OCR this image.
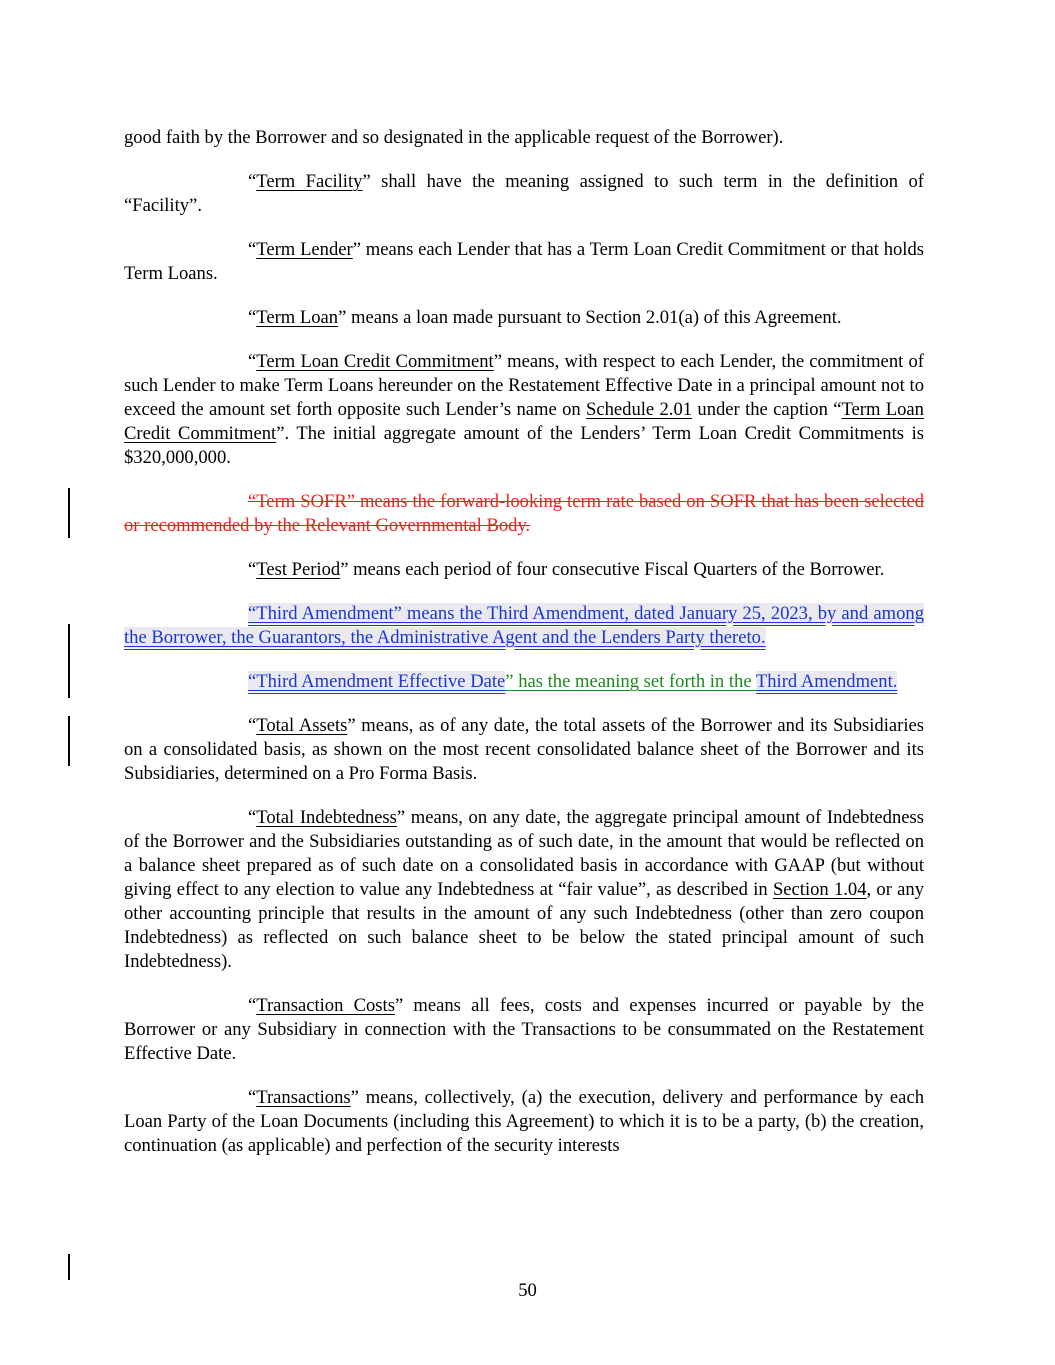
good faith by the Borrower and so designated in the applicable request of the Borrower).

“Term Facility” shall have the meaning assigned to such term in the definition of “Facility”.

“Term Lender” means each Lender that has a Term Loan Credit Commitment or that holds Term Loans.

“Term Loan” means a loan made pursuant to Section 2.01(a) of this Agreement.

“Term Loan Credit Commitment” means, with respect to each Lender, the commitment of such Lender to make Term Loans hereunder on the Restatement Effective Date in a principal amount not to exceed the amount set forth opposite such Lender’s name on Schedule 2.01 under the caption “Term Loan Credit Commitment”. The initial aggregate amount of the Lenders’ Term Loan Credit Commitments is $320,000,000.

“Term SOFR” means the forward-looking term rate based on SOFR that has been selected or recommended by the Relevant Governmental Body.

“Test Period” means each period of four consecutive Fiscal Quarters of the Borrower.

“Third Amendment” means the Third Amendment, dated January 25, 2023, by and among the Borrower, the Guarantors, the Administrative Agent and the Lenders Party thereto.

“Third Amendment Effective Date” has the meaning set forth in the Third Amendment.

“Total Assets” means, as of any date, the total assets of the Borrower and its Subsidiaries on a consolidated basis, as shown on the most recent consolidated balance sheet of the Borrower and its Subsidiaries, determined on a Pro Forma Basis.

“Total Indebtedness” means, on any date, the aggregate principal amount of Indebtedness of the Borrower and the Subsidiaries outstanding as of such date, in the amount that would be reflected on a balance sheet prepared as of such date on a consolidated basis in accordance with GAAP (but without giving effect to any election to value any Indebtedness at “fair value”, as described in Section 1.04, or any other accounting principle that results in the amount of any such Indebtedness (other than zero coupon Indebtedness) as reflected on such balance sheet to be below the stated principal amount of such Indebtedness).

“Transaction Costs” means all fees, costs and expenses incurred or payable by the Borrower or any Subsidiary in connection with the Transactions to be consummated on the Restatement Effective Date.

“Transactions” means, collectively, (a) the execution, delivery and performance by each Loan Party of the Loan Documents (including this Agreement) to which it is to be a party, (b) the creation, continuation (as applicable) and perfection of the security interests

50
